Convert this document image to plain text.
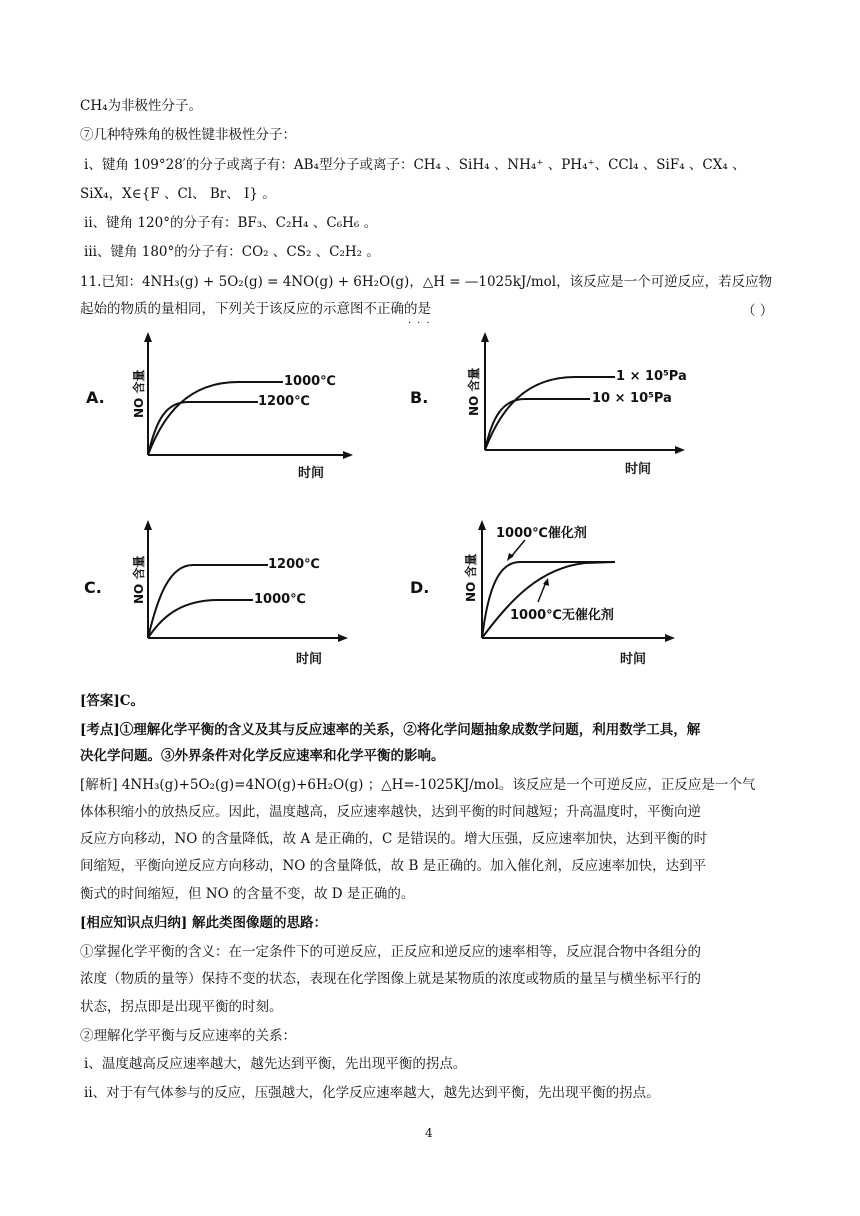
CH₄为非极性分子。
⑦几种特殊角的极性键非极性分子：
ⅰ、键角 109°28′的分子或离子有：AB₄型分子或离子：CH₄ 、SiH₄ 、NH₄⁺ 、PH₄⁺、CCl₄ 、SiF₄ 、CX₄ 、
SiX₄，X∈{F 、Cl、 Br、 I} 。
ⅱ、键角 120°的分子有：BF₃、C₂H₄ 、C₆H₆ 。
ⅲ、键角 180°的分子有：CO₂ 、CS₂ 、C₂H₂ 。
11.已知：4NH₃(g) + 5O₂(g) = 4NO(g) + 6H₂O(g)，△H = —1025kJ/mol，该反应是一个可逆反应，若反应物
起始的物质的量相同，下列关于该反应的示意图不正确的是	（ ）
···
A. NO 含量	1000℃
1200℃
时间
B.	NO 含量	1 × 10⁵Pa
10 × 10⁵Pa
时间
C.	NO 含量	1200℃
1000℃
时间
D.	NO 含量
1000℃催化剂
1000℃无催化剂
时间
[答案]C。
[考点]①理解化学平衡的含义及其与反应速率的关系，②将化学问题抽象成数学问题，利用数学工具，解
决化学问题。③外界条件对化学反应速率和化学平衡的影响。
[解析] 4NH₃(g)+5O₂(g)=4NO(g)+6H₂O(g) ；△H=-1025KJ/mol。该反应是一个可逆反应，正反应是一个气
体体积缩小的放热反应。因此，温度越高，反应速率越快，达到平衡的时间越短；升高温度时，平衡向逆
反应方向移动，NO 的含量降低，故 A 是正确的，C 是错误的。增大压强，反应速率加快，达到平衡的时
间缩短，平衡向逆反应方向移动，NO 的含量降低，故 B 是正确的。加入催化剂，反应速率加快，达到平
衡式的时间缩短，但 NO 的含量不变，故 D 是正确的。
[相应知识点归纳] 解此类图像题的思路：
①掌握化学平衡的含义：在一定条件下的可逆反应，正反应和逆反应的速率相等，反应混合物中各组分的
浓度（物质的量等）保持不变的状态，表现在化学图像上就是某物质的浓度或物质的量呈与横坐标平行的
状态，拐点即是出现平衡的时刻。
②理解化学平衡与反应速率的关系：
ⅰ、温度越高反应速率越大，越先达到平衡，先出现平衡的拐点。
ⅱ、对于有气体参与的反应，压强越大，化学反应速率越大，越先达到平衡，先出现平衡的拐点。
4
